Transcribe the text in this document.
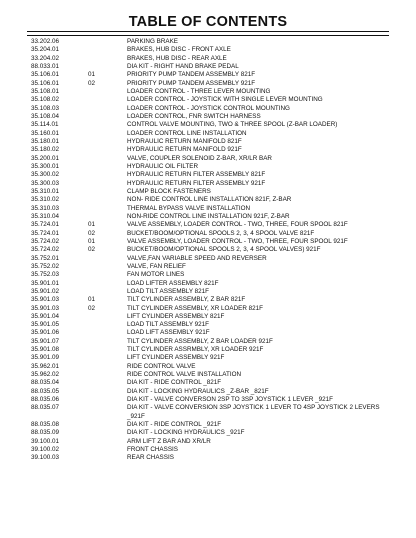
TABLE OF CONTENTS
33.202.06	PARKING BRAKE
35.204.01	BRAKES, HUB DISC - FRONT AXLE
33.204.02	BRAKES, HUB DISC - REAR AXLE
88.033.01	DIA KIT - RIGHT HAND BRAKE PEDAL
35.106.01	01	PRIORITY PUMP TANDEM ASSEMBLY 821F
35.106.01	02	PRIORITY PUMP TANDEM ASSEMBLY 921F
35.108.01	LOADER CONTROL - THREE LEVER MOUNTING
35.108.02	LOADER CONTROL - JOYSTICK WITH SINGLE LEVER MOUNTING
35.108.03	LOADER CONTROL - JOYSTICK CONTROL MOUNTING
35.108.04	LOADER CONTROL, FNR SWITCH HARNESS
35.114.01	CONTROL VALVE MOUNTING, TWO & THREE SPOOL (Z-BAR LOADER)
35.160.01	LOADER CONTROL LINE INSTALLATION
35.180.01	HYDRAULIC RETURN MANIFOLD 821F
35.180.02	HYDRAULIC RETURN MANIFOLD 921F
35.200.01	VALVE, COUPLER SOLENOID Z-BAR, XR/LR BAR
35.300.01	HYDRAULIC OIL FILTER
35.300.02	HYDRAULIC RETURN FILTER ASSEMBLY 821F
35.300.03	HYDRAULIC RETURN FILTER ASSEMBLY 921F
35.310.01	CLAMP BLOCK FASTENERS
35.310.02	NON- RIDE CONTROL LINE INSTALLATION 821F, Z-BAR
35.310.03	THERMAL BYPASS VALVE INSTALLATION
35.310.04	NON-RIDE CONTROL LINE INSTALLATION 921F, Z-BAR
35.724.01	01	VALVE ASSEMBLY, LOADER CONTROL - TWO, THREE, FOUR SPOOL 821F
35.724.01	02	BUCKET/BOOM/OPTIONAL SPOOLS 2, 3, 4 SPOOL VALVE 821F
35.724.02	01	VALVE ASSEMBLY, LOADER CONTROL - TWO, THREE, FOUR SPOOL 921F
35.724.02	02	BUCKET/BOOM/OPTIONAL SPOOLS 2, 3, 4 SPOOL VALVES) 921F
35.752.01	VALVE,FAN VARIABLE SPEED AND REVERSER
35.752.02	VALVE, FAN RELIEF
35.752.03	FAN MOTOR LINES
35.901.01	LOAD LIFTER ASSEMBLY 821F
35.901.02	LOAD TILT ASSEMBLY 821F
35.901.03	01	TILT CYLINDER ASSEMBLY, Z BAR 821F
35.901.03	02	TILT CYLINDER ASSEMBLY, XR LOADER 821F
35.901.04	LIFT CYLINDER ASSEMBLY 821F
35.901.05	LOAD TILT ASSEMBLY 921F
35.901.06	LOAD LIFT ASSEMBLY 921F
35.901.07	TILT CYLINDER ASSEMBLY, Z BAR LOADER 921F
35.901.08	TILT CYLINDER ASSRMBLY, XR LOADER 921F
35.901.09	LIFT CYLINDER ASSEMBLY 921F
35.962.01	RIDE CONTROL VALVE
35.962.02	RIDE CONTROL VALVE INSTALLATION
88.035.04	DIA KIT - RIDE CONTROL _821F
88.035.05	DIA KIT - LOCKING HYDRAULICS _Z-BAR _821F
88.035.06	DIA KIT - VALVE CONVERSON 2SP TO 3SP JOYSTICK 1 LEVER _921F
88.035.07	DIA KIT - VALVE CONVERSION 3SP JOYSTICK 1 LEVER TO 4SP JOYSTICK 2 LEVERS _921F
88.035.08	DIA KIT - RIDE CONTROL _921F
88.035.09	DIA KIT - LOCKING HYDRAULICS _921F
39.100.01	ARM LIFT Z BAR AND XR/LR
39.100.02	FRONT CHASSIS
39.100.03	REAR CHASSIS
